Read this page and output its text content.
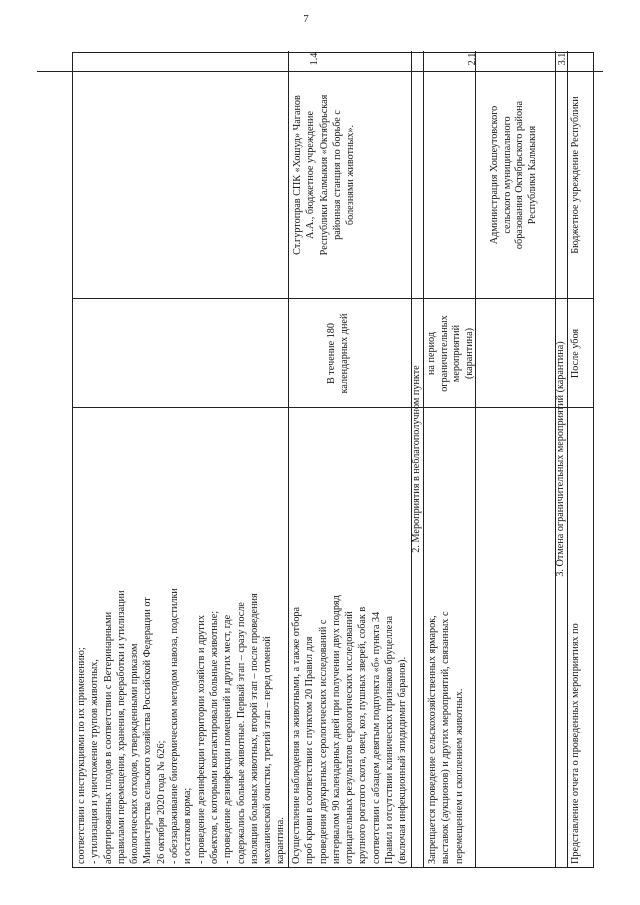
соответствии с инструкциями по их применению; - утилизация и уничтожение трупов животных, абортированных плодов в соответствии с Ветеринарными правилами перемещения, хранения, переработки и утилизации биологических отходов, утвержденными приказом Министерства сельского хозяйства Российской Федерации от 26 октября 2020 года № 626; - обеззараживание биотермическим методом навоза, подстилки и остатков корма; - проведение дезинфекции территории хозяйств и других объектов, с которыми контактировали больные животные; - проведение дезинфекции помещений и других мест, где содержались больные животные. Первый этап – сразу после изоляции больных животных, второй этап – после проведения механической очистки, третий этап – перед отменой карантина.
Ст.гуртоправ СПК «Хошуд» Чаганов А.А., бюджетное учреждение Республики Калмыкия «Октябрьская районная станция по борьбе с болезнями животных».
Осуществление наблюдения за животными, а также отбора проб крови в соответствии с пунктом 20 Правил для проведения двукратных серологических исследований с интервалом 90 календарных дней при получении двух подряд отрицательных результатов серологических исследований крупного рогатого скота, овец, коз, пушных зверей, собак в соответствии с абзацем девятым подпункта «б» пункта 34 Правил и отсутствии клинических признаков бруцеллеза (включая инфекционный эпидидимит баранов).
В течение 180 календарных дней
2. Мероприятия в неблагополучном пункте
Запрещается проведение сельскохозяйственных ярмарок, выставок (аукционов) и других мероприятий, связанных с перемещением и скоплением животных.
на период ограничительных мероприятий (карантина)
Администрация Хошеутовского сельского муниципального образования Октябрьского района Республики Калмыкия
3. Отмена ограничительных мероприятий (карантина)
Представление отчета о проведенных мероприятиях по
После убоя
Бюджетное учреждение Республики
7
1.4	2.1	3.1
